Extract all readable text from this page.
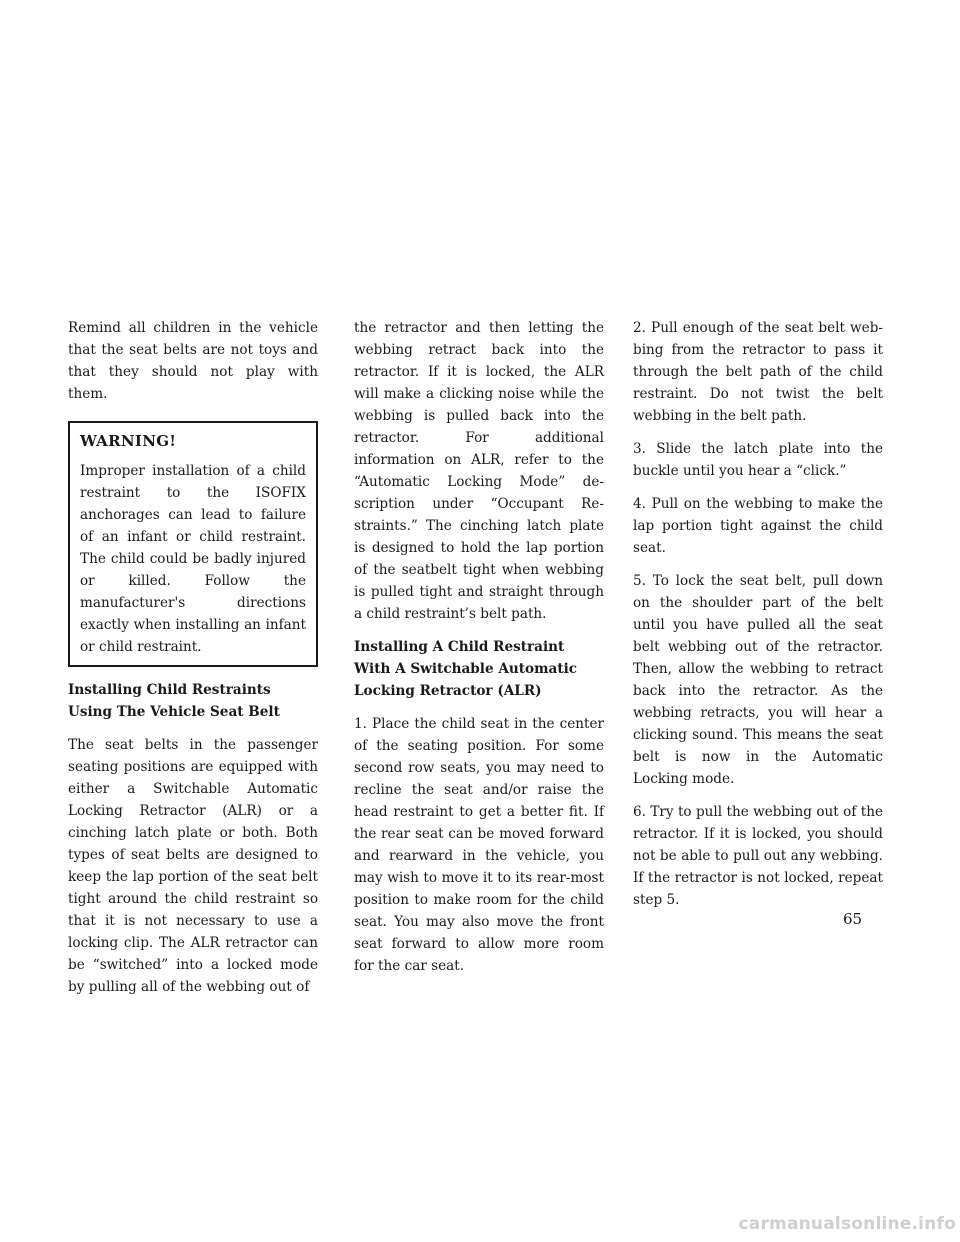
Remind all children in the vehicle that the seat belts are not toys and that they should not play with them.

WARNING!

Improper installation of a child restraint to the ISOFIX anchorages can lead to failure of an infant or child restraint. The child could be badly injured or killed. Follow the manufacturer's directions exactly when installing an infant or child restraint.

Installing Child Restraints Using The Vehicle Seat Belt

The seat belts in the passenger seating positions are equipped with either a Switchable Automatic Locking Retractor (ALR) or a cinching latch plate or both. Both types of seat belts are designed to keep the lap portion of the seat belt tight around the child restraint so that it is not necessary to use a locking clip. The ALR retractor can be “switched” into a locked mode by pulling all of the webbing out of

the retractor and then letting the webbing retract back into the retractor. If it is locked, the ALR will make a clicking noise while the webbing is pulled back into the retractor. For additional information on ALR, refer to the “Automatic Locking Mode” description under “Occupant Restraints.” The cinching latch plate is designed to hold the lap portion of the seatbelt tight when webbing is pulled tight and straight through a child restraint’s belt path.

Installing A Child Restraint With A Switchable Automatic Locking Retractor (ALR)

1. Place the child seat in the center of the seating position. For some second row seats, you may need to recline the seat and/or raise the head restraint to get a better fit. If the rear seat can be moved forward and rearward in the vehicle, you may wish to move it to its rear-most position to make room for the child seat. You may also move the front seat forward to allow more room for the car seat.

2. Pull enough of the seat belt webbing from the retractor to pass it through the belt path of the child restraint. Do not twist the belt webbing in the belt path.

3. Slide the latch plate into the buckle until you hear a “click.”

4. Pull on the webbing to make the lap portion tight against the child seat.

5. To lock the seat belt, pull down on the shoulder part of the belt until you have pulled all the seat belt webbing out of the retractor. Then, allow the webbing to retract back into the retractor. As the webbing retracts, you will hear a clicking sound. This means the seat belt is now in the Automatic Locking mode.

6. Try to pull the webbing out of the retractor. If it is locked, you should not be able to pull out any webbing. If the retractor is not locked, repeat step 5.

65
carmanualsonline.info
